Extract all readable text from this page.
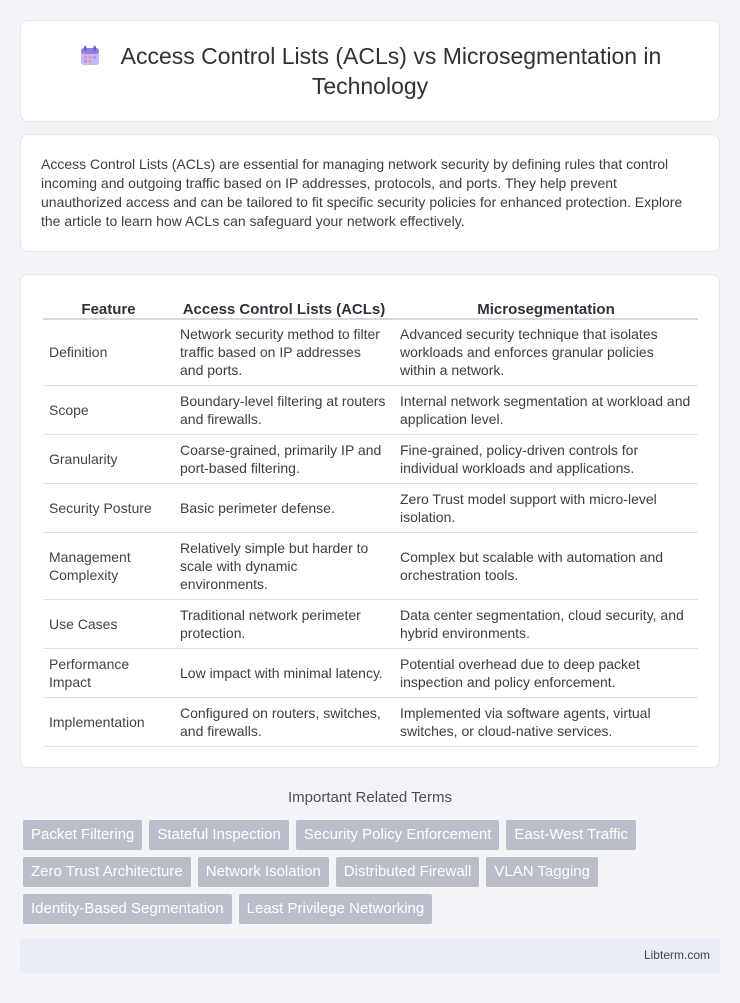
Access Control Lists (ACLs) vs Microsegmentation in Technology

Access Control Lists (ACLs) are essential for managing network security by defining rules that control incoming and outgoing traffic based on IP addresses, protocols, and ports. They help prevent unauthorized access and can be tailored to fit specific security policies for enhanced protection. Explore the article to learn how ACLs can safeguard your network effectively.

Feature	Access Control Lists (ACLs)	Microsegmentation
Definition	Network security method to filter traffic based on IP addresses and ports.	Advanced security technique that isolates workloads and enforces granular policies within a network.
Scope	Boundary-level filtering at routers and firewalls.	Internal network segmentation at workload and application level.
Granularity	Coarse-grained, primarily IP and port-based filtering.	Fine-grained, policy-driven controls for individual workloads and applications.
Security Posture	Basic perimeter defense.	Zero Trust model support with micro-level isolation.
Management Complexity	Relatively simple but harder to scale with dynamic environments.	Complex but scalable with automation and orchestration tools.
Use Cases	Traditional network perimeter protection.	Data center segmentation, cloud security, and hybrid environments.
Performance Impact	Low impact with minimal latency.	Potential overhead due to deep packet inspection and policy enforcement.
Implementation	Configured on routers, switches, and firewalls.	Implemented via software agents, virtual switches, or cloud-native services.
Important Related Terms
Packet Filtering	Stateful Inspection	Security Policy Enforcement	East-West Traffic
Zero Trust Architecture	Network Isolation	Distributed Firewall	VLAN Tagging
Identity-Based Segmentation	Least Privilege Networking
Libterm.com
